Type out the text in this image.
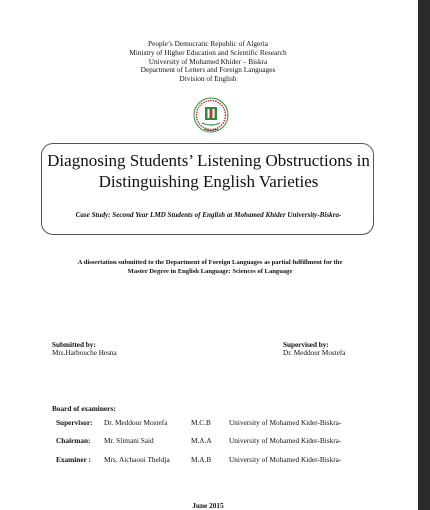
People’s Democratic Republic of Algeria
Ministry of Higher Education and Scientific Research
University of Mohamed Khider – Biskra
Department of Letters and Foreign Languages
Division of English
Diagnosing Students’ Listening Obstructions in
Distinguishing English Varieties
Case Study: Second Year LMD Students of English at Mohamed Khider University-Biskra-
A dissertation submitted to the Department of Foreign Languages as partial fulfillment for the
Master Degree in English Language: Sciences of Language
Submitted by:
Mrs.Harbouche Hesna
Supervised by:
Dr. Meddour Mostefa
Board of examiners:
Supervisor: Dr. Meddour Mostefa	M.C.B University of Mohamed Kider-Biskra-
Chairman: Mr. Slimani Said	M.A.A University of Mohamed Kider-Biskra-
Examiner : Mrs. Aichaoui Theldja	M.A.B University of Mohamed Kider-Biskra-
June 2015
